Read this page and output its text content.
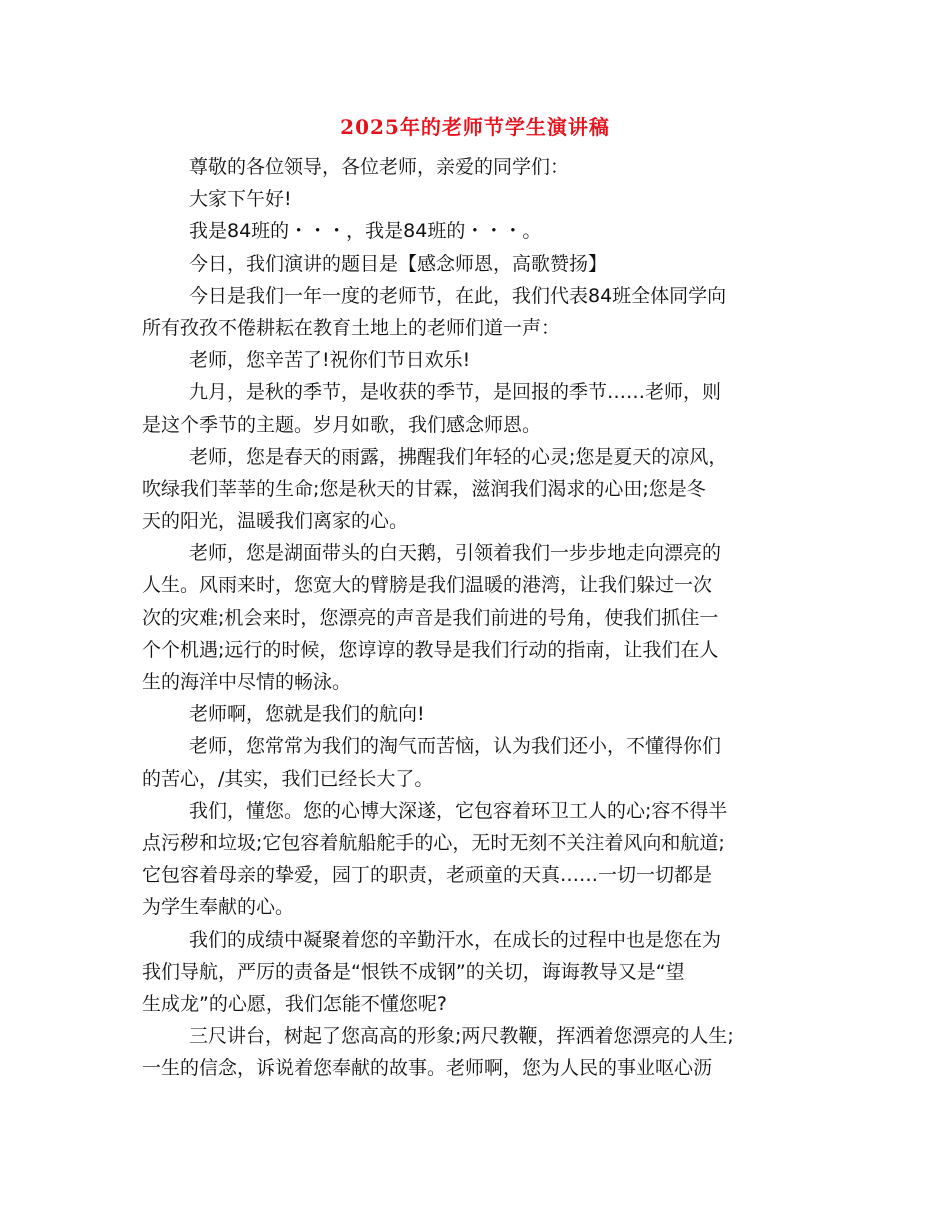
2025年的老师节学生演讲稿
尊敬的各位领导，各位老师，亲爱的同学们：
大家下午好!
我是84班的・・・，我是84班的・・・。
今日，我们演讲的题目是【感念师恩，高歌赞扬】
今日是我们一年一度的老师节，在此，我们代表84班全体同学向
所有孜孜不倦耕耘在教育土地上的老师们道一声：
老师，您辛苦了!祝你们节日欢乐!
九月，是秋的季节，是收获的季节，是回报的季节……老师，则
是这个季节的主题。岁月如歌，我们感念师恩。
老师，您是春天的雨露，拂醒我们年轻的心灵;您是夏天的凉风，
吹绿我们莘莘的生命;您是秋天的甘霖，滋润我们渴求的心田;您是冬
天的阳光，温暖我们离家的心。
老师，您是湖面带头的白天鹅，引领着我们一步步地走向漂亮的
人生。风雨来时，您宽大的臂膀是我们温暖的港湾，让我们躲过一次
次的灾难;机会来时，您漂亮的声音是我们前进的号角，使我们抓住一
个个机遇;远行的时候，您谆谆的教导是我们行动的指南，让我们在人
生的海洋中尽情的畅泳。
老师啊，您就是我们的航向!
老师，您常常为我们的淘气而苦恼，认为我们还小，不懂得你们
的苦心，/其实，我们已经长大了。
我们，懂您。您的心博大深遂，它包容着环卫工人的心;容不得半
点污秽和垃圾;它包容着航船舵手的心，无时无刻不关注着风向和航道;
它包容着母亲的挚爱，园丁的职责，老顽童的天真……一切一切都是
为学生奉献的心。
我们的成绩中凝聚着您的辛勤汗水，在成长的过程中也是您在为
我们导航，严厉的责备是“恨铁不成钢”的关切，诲诲教导又是“望
生成龙”的心愿，我们怎能不懂您呢?
三尺讲台，树起了您高高的形象;两尺教鞭，挥洒着您漂亮的人生;
一生的信念，诉说着您奉献的故事。老师啊，您为人民的事业呕心沥
